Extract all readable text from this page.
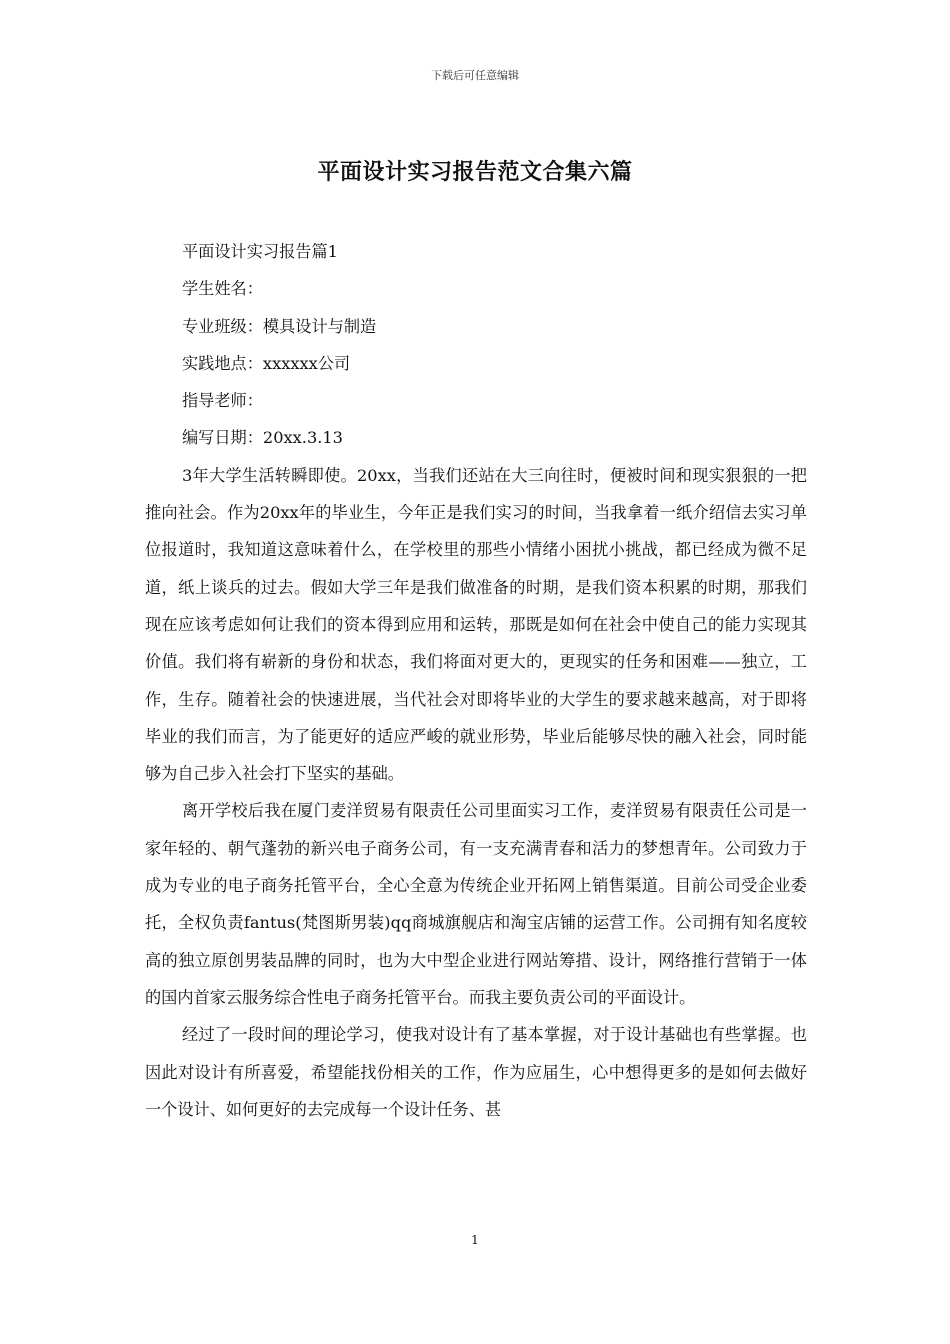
下载后可任意编辑
平面设计实习报告范文合集六篇

平面设计实习报告篇1

学生姓名：

专业班级：模具设计与制造

实践地点：xxxxxx公司

指导老师：

编写日期：20xx.3.13

3年大学生活转瞬即使。20xx，当我们还站在大三向往时，便被时间和现实狠狠的一把推向社会。作为20xx年的毕业生，今年正是我们实习的时间，当我拿着一纸介绍信去实习单位报道时，我知道这意味着什么，在学校里的那些小情绪小困扰小挑战，都已经成为微不足道，纸上谈兵的过去。假如大学三年是我们做准备的时期，是我们资本积累的时期，那我们现在应该考虑如何让我们的资本得到应用和运转，那既是如何在社会中使自己的能力实现其价值。我们将有崭新的身份和状态，我们将面对更大的，更现实的任务和困难——独立，工作，生存。随着社会的快速进展，当代社会对即将毕业的大学生的要求越来越高，对于即将毕业的我们而言，为了能更好的适应严峻的就业形势，毕业后能够尽快的融入社会，同时能够为自己步入社会打下坚实的基础。

离开学校后我在厦门麦洋贸易有限责任公司里面实习工作，麦洋贸易有限责任公司是一家年轻的、朝气蓬勃的新兴电子商务公司，有一支充满青春和活力的梦想青年。公司致力于成为专业的电子商务托管平台，全心全意为传统企业开拓网上销售渠道。目前公司受企业委托，全权负责fantus(梵图斯男装)qq商城旗舰店和淘宝店铺的运营工作。公司拥有知名度较高的独立原创男装品牌的同时，也为大中型企业进行网站筹措、设计，网络推行营销于一体的国内首家云服务综合性电子商务托管平台。而我主要负责公司的平面设计。

经过了一段时间的理论学习，使我对设计有了基本掌握，对于设计基础也有些掌握。也因此对设计有所喜爱，希望能找份相关的工作，作为应届生，心中想得更多的是如何去做好一个设计、如何更好的去完成每一个设计任务、甚

1
